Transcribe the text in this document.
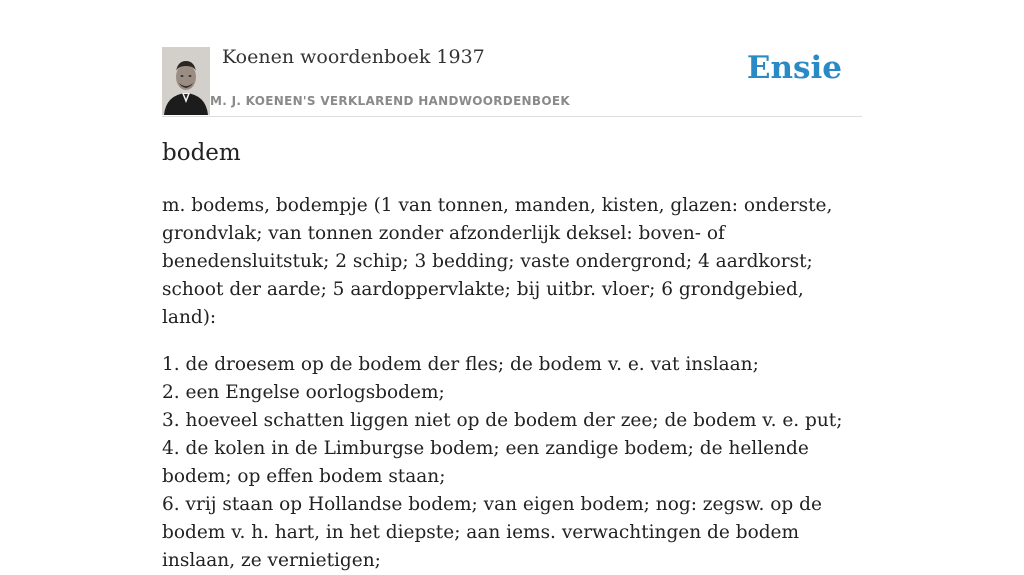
Koenen woordenboek 1937
M. J. KOENEN'S VERKLAREND HANDWOORDENBOEK
Ensie
bodem

m. bodems, bodempje (1 van tonnen, manden, kisten, glazen: onderste, grondvlak; van tonnen zonder afzonderlijk deksel: boven- of benedensluitstuk; 2 schip; 3 bedding; vaste ondergrond; 4 aardkorst; schoot der aarde; 5 aardoppervlakte; bij uitbr. vloer; 6 grondgebied, land):

1. de droesem op de bodem der fles; de bodem v. e. vat inslaan;
2. een Engelse oorlogsbodem;
3. hoeveel schatten liggen niet op de bodem der zee; de bodem v. e. put;
4. de kolen in de Limburgse bodem; een zandige bodem; de hellende bodem; op effen bodem staan;
6. vrij staan op Hollandse bodem; van eigen bodem; nog: zegsw. op de bodem v. h. hart, in het diepste; aan iems. verwachtingen de bodem inslaan, ze vernietigen;
